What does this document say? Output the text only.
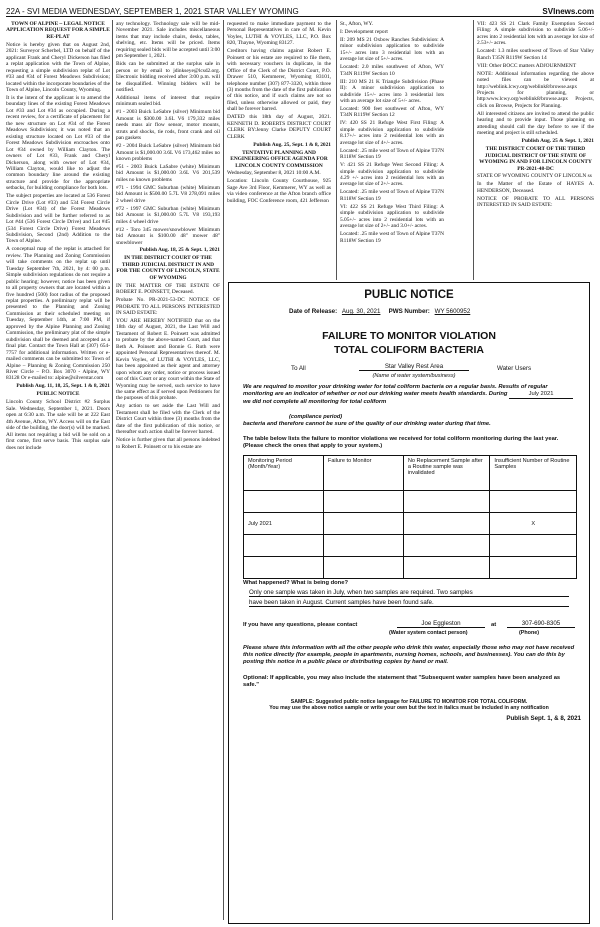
22A - SVI MEDIA WEDNESDAY, SEPTEMBER 1, 2021 STAR VALLEY WYOMING	SVInews.com

TOWN OF ALPINE ~ LEGAL NOTICE APPLICATION REQUEST FOR A SIMPLE RE-PLAT

Notice is hereby given that on August 2nd, 2021: Surveyor Scherbel, LTD on behalf of the applicant Frank and Cheryl Dickerson has filed a replat application with the Town of Alpine, requesting a simple subdivision replat of Lot #33 and #34 of Forest Meadows Subdivision; located within the incorporate boundaries of the Town of Alpine, Lincoln County, Wyoming.

It is the intent of the applicant is to amend the boundary lines of the existing Forest Meadows Lot #33 and Lot #34 as occupied. During a recent review, for a certificate of placement for the new structure on Lot #34 of the Forest Meadows Subdivision; it was noted that an existing structure located on Lot #33 of the Forest Meadows Subdivision encroaches onto Lot #34 owned by William Clayton. The owners of Lot #33, Frank and Cheryl Dickerson, along with owner of Lot #34, William Clayton, would like to adjust the common boundary line around the existing structure and provide for the appropriate setbacks, for building compliance for both lots.

The subject properties are located at 536 Forest Circle Drive (Lot #33) and 534 Forest Circle Drive (Lot #34) of the Forest Meadows Subdivision and will be further referred to as Lot #44 (536 Forest Circle Drive) and Lot #45 (534 Forest Circle Drive) Forest Meadows Subdivision, Second (2nd) Addition to the Town of Alpine.

A conceptual map of the replat is attached for review. The Planning and Zoning Commission will take comments on the replat up until Tuesday September 7th, 2021, by 4: 00 p.m. Simple subdivision regulations do not require a public hearing; however, notice has been given to all property owners that are located within a five hundred (500) foot radius of the proposed replat properties. A preliminary replat will be presented to the Planning and Zoning Commission at their scheduled meeting on Tuesday, September 14th, at 7:00 PM, if approved by the Alpine Planning and Zoning Commission, the preliminary plat of the simple subdivision shall be deemed and accepted as a final plat. Contact the Town Hall at (307) 654-7757 for additional information. Written or e-mailed comments can be submitted to: Town of Alpine – Planning & Zoning Commission 250 River Circle – P.O. Box 3070 - Alpine, WY 83128 Or e-mailed to: alpine@silverstar.com

Publish Aug. 11, 18, 25, Sept. 1 & 8, 2021

PUBLIC NOTICE

Lincoln County School District #2 Surplus Sale. Wednesday, September 1, 2021. Doors open at 6:30 a.m. The sale will be at 222 East 4th Avenue, Afton, WY. Access will on the East side of the building, the door(s) will be marked. All items not requiring a bid will be sold on a first come, first serve basis. This surplus sale does not include

any technology. Technology sale will be mid-November 2021. Sale includes miscellaneous items that may include chairs, desks, tables, shelving, etc. Items will be priced. Items requiring sealed bids will be accepted until 3:00 pm September 1, 2021.

Bids can be submitted at the surplus sale in person or by email to jdinkseye@lcsd2.org. Electronic bidding received after 3:00 p.m. will be disqualified. Winning bidders will be notified.

Additional items of interest that require minimum sealed bid.

#1 - 2003 Buick LeSabre (silver) Minimum bid Amount is $300.00 3.6L V6 179,332 miles needs mass air flow sensor, motor mounts, struts and shocks, tie rods, front crank and oil pan gaskets

#2 - 2004 Buick LeSabre (silver) Minimum bid Amount is $1,000.00 3.6L V6 173,462 miles no known problems

#51 - 2003 Buick LaSabre (white) Minimum bid Amount is $1,000.00 3.6L V6 201,539 miles no known problems

#71 - 1994 GMC Suburban (white) Minimum bid Amount is $500.00 5.7L V8 278,091 miles 2 wheel drive

#72 - 1997 GMC Suburban (white) Minimum bid Amount is $1,000.00 5.7L V8 193,193 miles 4 wheel drive

#12 - Toro 345 mower/snowblower Minimum bid Amount is $100.00 48" mower 48" snowblower

Publish Aug. 18, 25 & Sept. 1, 2021

IN THE DISTRICT COURT OF THE THIRD JUDICIAL DISTRICT IN AND FOR THE COUNTY OF LINCOLN, STATE OF WYOMING

IN THE MATTER OF THE ESTATE OF ROBERT E. POINSETT, Deceased.

Probate No. PR-2021-53-DC NOTICE OF PROBATE TO ALL PERSONS INTERESTED IN SAID ESTATE:

YOU ARE HEREBY NOTIFIED that on the 18th day of August, 2021, the Last Will and Testament of Robert E. Poinsett was admitted to probate by the above-named Court, and that Beth A. Poinsett and Bonnie G. Ruth were appointed Personal Representatives thereof. M. Kevin Voyles, of LUTHI & VOYLES, LLC, has been appointed as their agent and attorney upon whom any order, notice or process issued out of this Court or any court within the State of Wyoming may be served, such service to have the same effect as if served upon Petitioners for the purposes of this probate.

Any action to set aside the Last Will and Testament shall be filed with the Clerk of the District Court within three (3) months from the date of the first publication of this notice, or thereafter such action shall be forever barred.

Notice is further given that all persons indebted to Robert E. Poinsett or to his estate are

requested to make immediate payment to the Personal Representatives in care of M. Kevin Voyles, LUTHI & VOYLES, LLC, P.O. Box 820, Thayne, Wyoming 83127.

Creditors having claims against Robert E. Poinsett or his estate are required to file them, with necessary vouchers in duplicate, in the Office of the Clerk of the District Court, P.O. Drawer 510, Kemmerer, Wyoming 83101, telephone number (307) 877-3320, within three (3) months from the date of the first publication of this notice, and if such claims are not so filed, unless otherwise allowed or paid, they shall be forever barred.

DATED this 18th day of August, 2021. KENNETH D. ROBERTS DISTRICT COURT CLERK BY:Jenny Clarke DEPUTY COURT CLERK

Publish Aug. 25, Sept. 1 & 8, 2021

TENTATIVE PLANNING AND ENGINEERING OFFICE AGENDA FOR LINCOLN COUNTY COMMISSION

Wednesday, September 8, 2021 10:00 A.M.

Location: Lincoln County Courthouse, 925 Sage Ave 3rd Floor, Kemmerer, WY as well as via video conference at the Afton branch office building, FOC Conference room, 421 Jefferson

St., Afton, WY.

I: Development report

II: 209 MS 21 Oxbow Ranches Subdivision: A minor subdivision application to subdivide 15+/- acres into 3 residential lots with an average lot size of 5+/- acres.

Located: 2.0 miles southwest of Afton, WY T34N R119W Section 10

III: 210 MS 21 K Triangle Subdivision (Phase II): A minor subdivision application to subdivide 15+/- acres into 3 residential lots with an average lot size of 5+/- acres.

Located: 900 feet southwest of Afton, WY T34N R119W Section 12

IV: 420 SS 21 Refuge West First Filing: A simple subdivision application to subdivide 8.17+/- acres into 2 residential lots with an average lot size of 4+/- acres.

Located: .25 mile west of Town of Alpine T37N R118W Section 19

V: 421 SS 21 Refuge West Second Filing: A simple subdivision application to subdivide 4.29 +/- acres into 2 residential lots with an average lot size of 2+/- acres.

Located: .25 mile west of Town of Alpine T37N R118W Section 19

VI: 422 SS 21 Refuge West Third Filing: A simple subdivision application to subdivide 5.05+/- acres into 2 residential lots with an average lot size of 2+/- and 3.0+/- acres.

Located: .25 mile west of Town of Alpine T37N R118W Section 19

VII: 423 SS 21 Clark Family Exemption Second Filing: A simple subdivision to subdivide 5.06+/- acres into 2 residential lots with an average lot size of 2.53+/- acres.

Located: 1.3 miles southwest of Town of Star Valley Ranch T35N R119W Section 14

VIII: Other BOCC matters ADJOURNMENT

NOTE: Additional information regarding the above noted files can be viewed at http://weblink.lcwy.org/weblink8/browse.aspx Projects for planning, or http:www.lcwy.org/weblink8/browse.aspx Projects, click on Browse, Projects for Planning.

All interested citizens are invited to attend the public hearing and to provide input. Those planning on attending should call the day before to see if the meeting and project is still scheduled.

Publish Aug. 25 & Sept. 1, 2021

THE DISTRICT COURT OF THE THIRD JUDICIAL DISTRICT OF THE STATE OF WYOMING IN AND FOR LINCOLN COUNTY PR-2021-48-DC

STATE OF WYOMING COUNTY OF LINCOLN ss

In the Matter of the Estate of HAYES A. HENDERSON, Deceased.

NOTICE OF PROBATE TO ALL PERSONS INTERESTED IN SAID ESTATE:

PUBLIC NOTICE
Date of Release: Aug. 30, 2021 PWS Number: WY 5600952
FAILURE TO MONITOR VIOLATION
TOTAL COLIFORM BACTERIA
To All	Star Valley Rest Area	Water Users
(Name of water system/business)
We are required to monitor your drinking water for total coliform bacteria on a regular basis. Results of regular monitoring are an indicator of whether or not our drinking water meets health standards. During	July 2021 we did not complete all monitoring for total coliform
(compliance period)
bacteria and therefore cannot be sure of the quality of our drinking water during that time.
The table below lists the failure to monitor violations we received for total coliform monitoring during the last year. (Please check the ones that apply to your system.)
Monitoring Period (Month/Year)	Failure to Monitor	No Replacement Sample after a Routine sample was invalidated	Insufficient Number of Routine Samples

July 2021			X

What happened? What is being done?
Only one sample was taken in July, when two samples are required. Two samples
have been taken in August. Current samples have been found safe.
If you have any questions, please contact	Joe Eggleston	at	307-690-8305
(Water system contact person)	(Phone)
Please share this information with all the other people who drink this water, especially those who may not have received this notice directly (for example, people in apartments, nursing homes, schools, and businesses). You can do this by posting this notice in a public place or distributing copies by hand or mail.
Optional: If applicable, you may also include the statement that "Subsequent water samples have been analyzed as safe."
SAMPLE: Suggested public notice language for FAILURE TO MONITOR FOR TOTAL COLIFORM.
You may use the above notice sample or write your own but the text in italics must be included in any notification
Publish Sept. 1, & 8, 2021
